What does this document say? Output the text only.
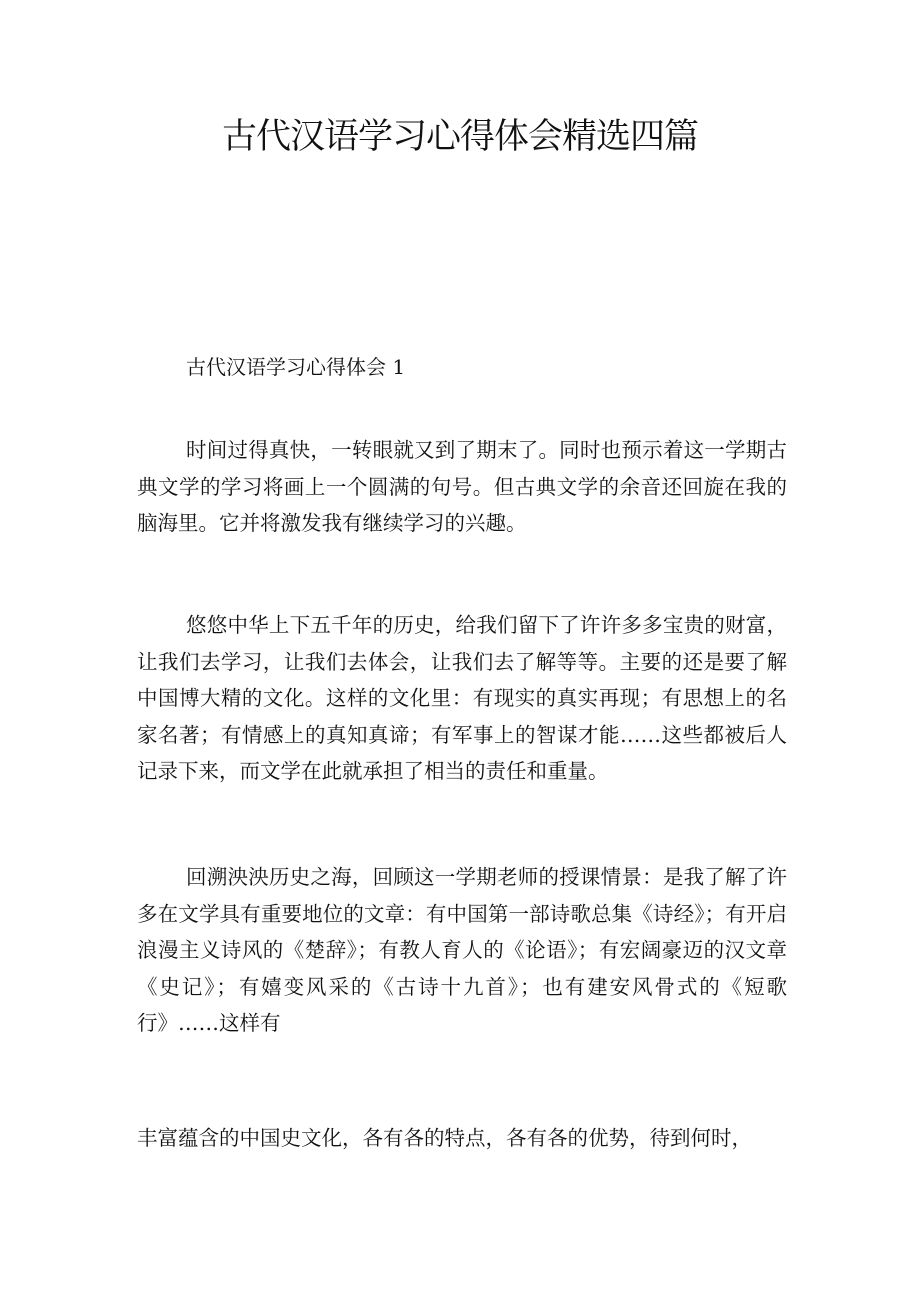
古代汉语学习心得体会精选四篇
古代汉语学习心得体会 1

时间过得真快，一转眼就又到了期末了。同时也预示着这一学期古典文学的学习将画上一个圆满的句号。但古典文学的余音还回旋在我的脑海里。它并将激发我有继续学习的兴趣。

悠悠中华上下五千年的历史，给我们留下了许许多多宝贵的财富，让我们去学习，让我们去体会，让我们去了解等等。主要的还是要了解中国博大精的文化。这样的文化里：有现实的真实再现；有思想上的名家名著；有情感上的真知真谛；有军事上的智谋才能……这些都被后人记录下来，而文学在此就承担了相当的责任和重量。

回溯泱泱历史之海，回顾这一学期老师的授课情景：是我了解了许多在文学具有重要地位的文章：有中国第一部诗歌总集《诗经》；有开启浪漫主义诗风的《楚辞》；有教人育人的《论语》；有宏阔豪迈的汉文章《史记》；有嬉变风采的《古诗十九首》；也有建安风骨式的《短歌行》……这样有

丰富蕴含的中国史文化，各有各的特点，各有各的优势，待到何时，
